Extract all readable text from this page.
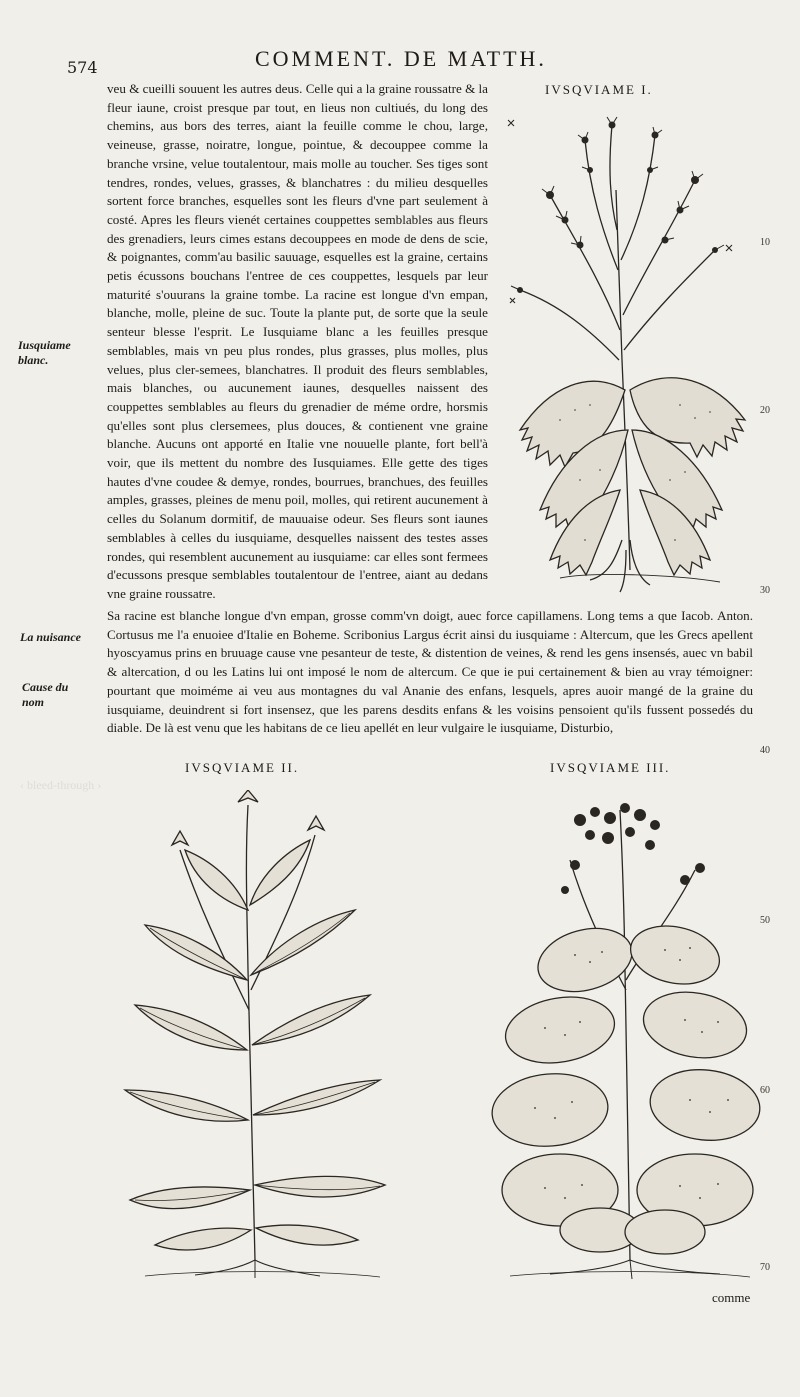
‹ bleed-through ›

574	COMMENT. DE MATTH.
IVSQVIAME I.
IVSQVIAME II.	IVSQVIAME III.

veu & cueilli souuent les autres deus. Celle qui a la graine roussatre & la fleur iaune, croist presque par tout, en lieus non cultiués, du long des chemins, aus bors des terres, aiant la feuille comme le chou, large, veineuse, grasse, noiratre, longue, pointue, & decouppee comme la branche vrsine, velue toutalentour, mais molle au toucher. Ses tiges sont tendres, rondes, velues, grasses, & blanchatres : du milieu desquelles sortent force branches, esquelles sont les fleurs d'vne part seulement à costé. Apres les fleurs vienét certaines couppettes semblables aus fleurs des grenadiers, leurs cimes estans decouppees en mode de dens de scie, & poignantes, comm'au basilic sauuage, esquelles est la graine, certains petis écussons bouchans l'entree de ces couppettes, lesquels par leur maturité s'ouurans la graine tombe. La racine est longue d'vn empan, blanche, molle, pleine de suc. Toute la plante put, de sorte que la seule senteur blesse l'esprit. Le Iusquiame blanc a les feuilles presque semblables, mais vn peu plus rondes, plus grasses, plus molles, plus velues, plus cler-semees, blanchatres. Il produit des fleurs semblables, mais blanches, ou aucunement iaunes, desquelles naissent des couppettes semblables au fleurs du grenadier de méme ordre, horsmis qu'elles sont plus clersemees, plus douces, & contienent vne graine blanche. Aucuns ont apporté en Italie vne nouuelle plante, fort bell'à voir, que ils mettent du nombre des Iusquiames. Elle gette des tiges hautes d'vne coudee & demye, rondes, bourrues, branchues, des feuilles amples, grasses, pleines de menu poil, molles, qui retirent aucunement à celles du Solanum dormitif, de mauuaise odeur. Ses fleurs sont iaunes semblables à celles du iusquiame, desquelles naissent des testes asses rondes, qui resemblent aucunement au iusquiame: car elles sont fermees d'ecussons presque semblables toutalentour de l'entree, aiant au dedans vne graine roussatre.

Sa racine est blanche longue d'vn empan, grosse comm'vn doigt, auec force capillamens. Long tems a que Iacob. Anton. Cortusus me l'a enuoiee d'Italie en Boheme. Scribonius Largus écrit ainsi du iusquiame : Altercum, que les Grecs apellent hyoscyamus prins en bruuage cause vne pesanteur de teste, & distention de veines, & rend les gens insensés, auec vn babil & altercation, d ou les Latins lui ont imposé le nom de altercum. Ce que ie pui certainement & bien au vray témoigner: pourtant que moiméme ai veu aus montagnes du val Ananie des enfans, lesquels, apres auoir mangé de la graine du iusquiame, deuindrent si fort insensez, que les parens desdits enfans & les voisins pensoient qu'ils fussent possedés du diable. De là est venu que les habitans de ce lieu apellét en leur vulgaire le iusquiame, Disturbio,

Iusquiame blanc.
La nuisance
Cause du nom
10
20
30
40
50
60
70
comme
